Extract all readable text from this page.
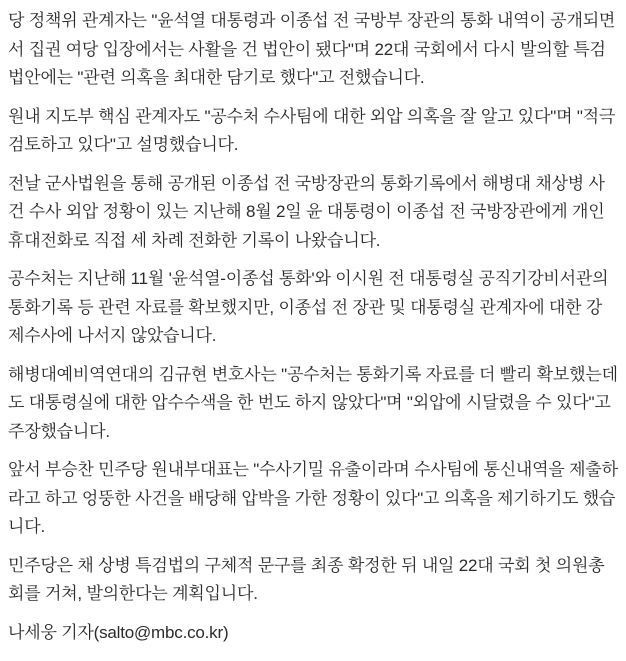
당 정책위 관계자는 "윤석열 대통령과 이종섭 전 국방부 장관의 통화 내역이 공개되면서 집권 여당 입장에서는 사활을 건 법안이 됐다"며 22대 국회에서 다시 발의할 특검법안에는 "관련 의혹을 최대한 담기로 했다"고 전했습니다.

원내 지도부 핵심 관계자도 "공수처 수사팀에 대한 외압 의혹을 잘 알고 있다"며 "적극 검토하고 있다"고 설명했습니다.

전날 군사법원을 통해 공개된 이종섭 전 국방장관의 통화기록에서 해병대 채상병 사건 수사 외압 정황이 있는 지난해 8월 2일 윤 대통령이 이종섭 전 국방장관에게 개인 휴대전화로 직접 세 차례 전화한 기록이 나왔습니다.

공수처는 지난해 11월 '윤석열-이종섭 통화'와 이시원 전 대통령실 공직기강비서관의 통화기록 등 관련 자료를 확보했지만, 이종섭 전 장관 및 대통령실 관계자에 대한 강제수사에 나서지 않았습니다.

해병대예비역연대의 김규현 변호사는 "공수처는 통화기록 자료를 더 빨리 확보했는데도 대통령실에 대한 압수수색을 한 번도 하지 않았다"며 "외압에 시달렸을 수 있다"고 주장했습니다.

앞서 부승찬 민주당 원내부대표는 "수사기밀 유출이라며 수사팀에 통신내역을 제출하라고 하고 엉뚱한 사건을 배당해 압박을 가한 정황이 있다"고 의혹을 제기하기도 했습니다.

민주당은 채 상병 특검법의 구체적 문구를 최종 확정한 뒤 내일 22대 국회 첫 의원총회를 거쳐, 발의한다는 계획입니다.

나세웅 기자(salto@mbc.co.kr)
